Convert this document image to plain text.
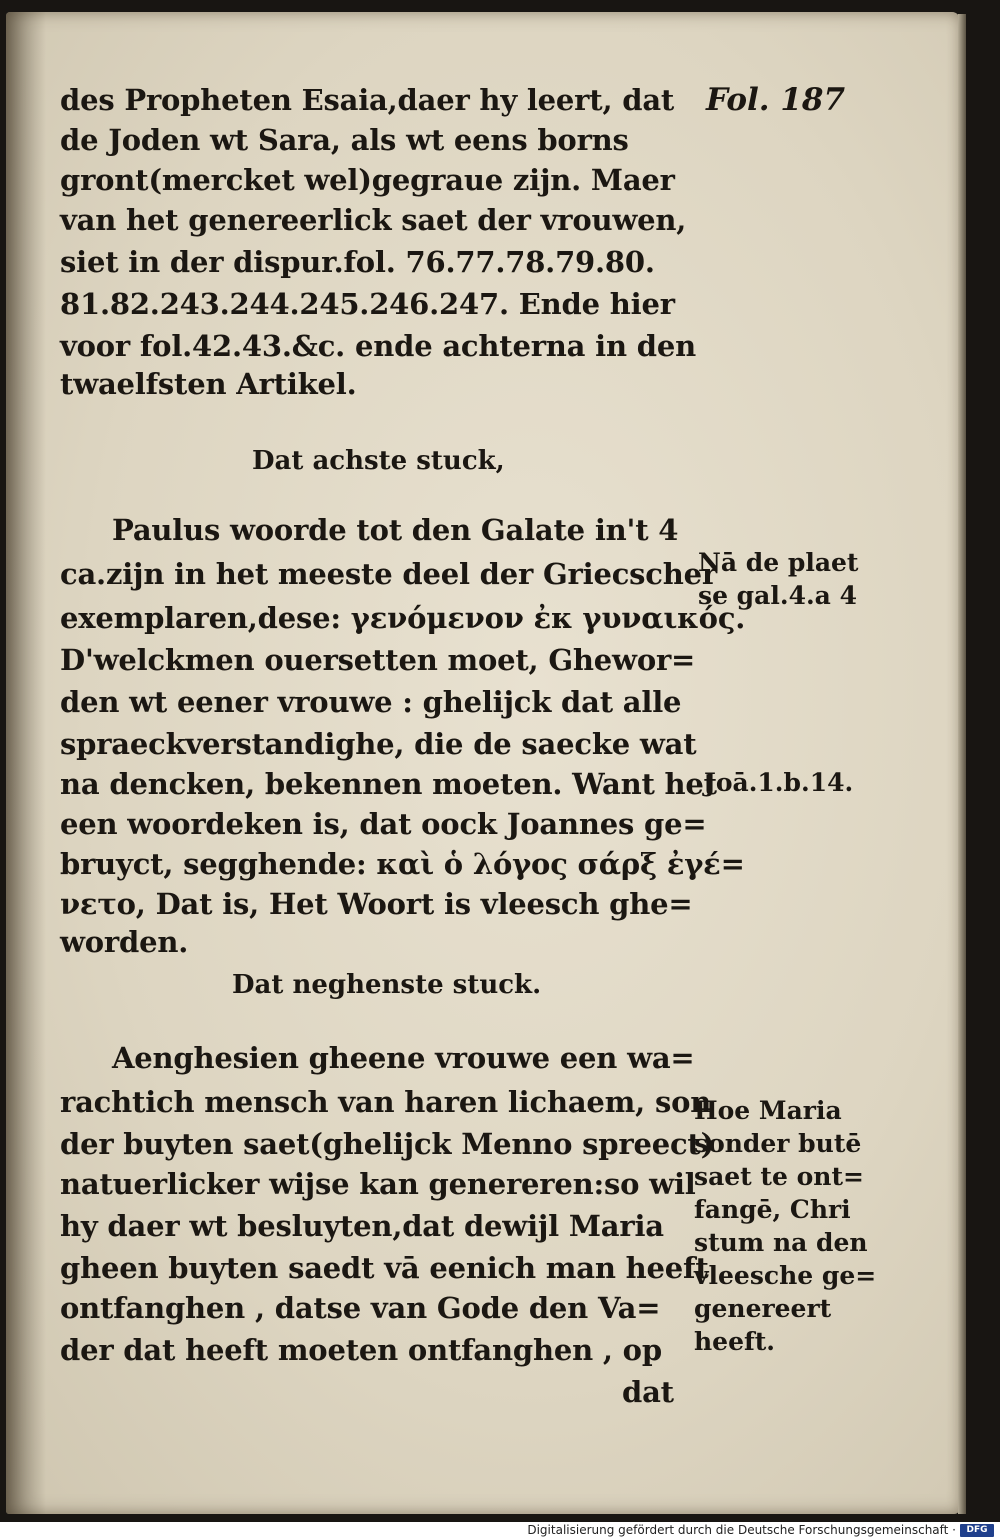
Fol. 187
des Propheten Esaia,daer hy leert, dat
de Joden wt Sara, als wt eens borns
gront(mercket wel)gegraue zijn. Maer
van het genereerlick saet der vrouwen,
siet in der dispur.fol. 76.77.78.79.80.
81.82.243.244.245.246.247. Ende hier
voor fol.42.43.&c. ende achterna in den
twaelfsten Artikel.
Dat achste stuck,
Paulus woorde tot den Galate in't 4
ca.zijn in het meeste deel der Griecscher
exemplaren,dese: γενόμενον ἐκ γυναικός.
D'welckmen ouersetten moet, Ghewor=
den wt eener vrouwe : ghelijck dat alle
spraeckverstandighe, die de saecke wat
na dencken, bekennen moeten. Want het
een woordeken is, dat oock Joannes ge=
bruyct, segghende: καὶ ὁ λόγος σάρξ ἐγέ=
νετο, Dat is, Het Woort is vleesch ghe=
worden.
Dat neghenste stuck.
Aenghesien gheene vrouwe een wa=
rachtich mensch van haren lichaem, son
der buyten saet(ghelijck Menno spreect)
natuerlicker wijse kan genereren:so wil
hy daer wt besluyten,dat dewijl Maria
gheen buyten saedt vā eenich man heeft
ontfanghen , datse van Gode den Va=
der dat heeft moeten ontfanghen , op
dat
Nā de plaet
se gal.4.a 4
Joā.1.b.14.
Hoe Maria
sonder butē
saet te ont=
fangē, Chri
stum na den
vleesche ge=
genereert
heeft.
Digitalisierung gefördert durch die Deutsche Forschungsgemeinschaft ·	DFG
